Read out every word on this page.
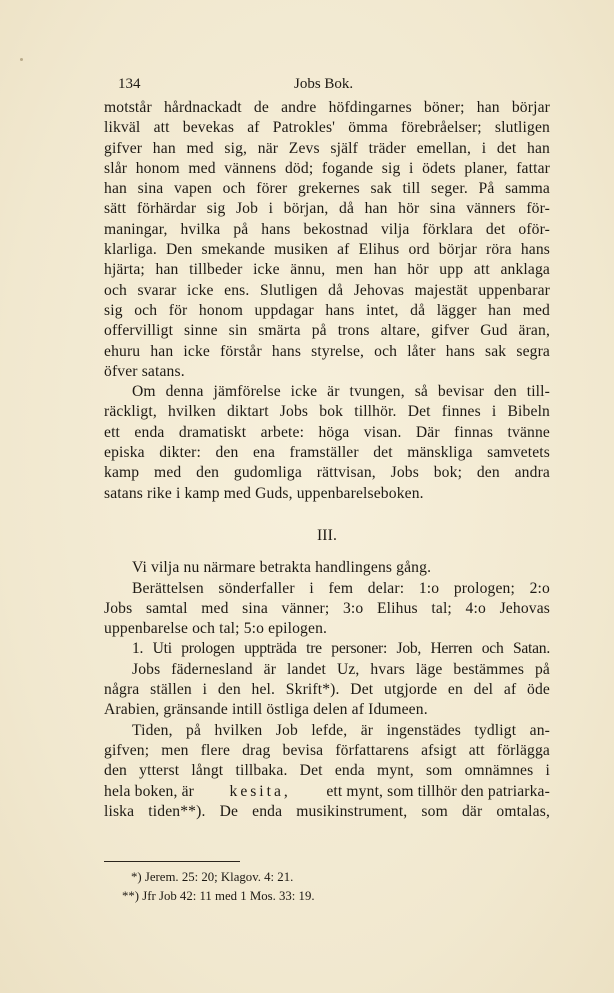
134	Jobs Bok.
motstår hårdnackadt de andre höfdingarnes böner; han börjar
likväl att bevekas af Patrokles' ömma förebråelser; slutligen
gifver han med sig, när Zevs själf träder emellan, i det han
slår honom med vännens död; fogande sig i ödets planer, fattar
han sina vapen och förer grekernes sak till seger. På samma
sätt förhärdar sig Job i början, då han hör sina vänners för-
maningar, hvilka på hans bekostnad vilja förklara det oför-
klarliga. Den smekande musiken af Elihus ord börjar röra hans
hjärta; han tillbeder icke ännu, men han hör upp att anklaga
och svarar icke ens. Slutligen då Jehovas majestät uppenbarar
sig och för honom uppdagar hans intet, då lägger han med
offervilligt sinne sin smärta på trons altare, gifver Gud äran,
ehuru han icke förstår hans styrelse, och låter hans sak segra
öfver satans.
Om denna jämförelse icke är tvungen, så bevisar den till-
räckligt, hvilken diktart Jobs bok tillhör. Det finnes i Bibeln
ett enda dramatiskt arbete: höga visan. Där finnas tvänne
episka dikter: den ena framställer det mänskliga samvetets
kamp med den gudomliga rättvisan, Jobs bok; den andra
satans rike i kamp med Guds, uppenbarelseboken.
III.
Vi vilja nu närmare betrakta handlingens gång.
Berättelsen sönderfaller i fem delar: 1:o prologen; 2:o
Jobs samtal med sina vänner; 3:o Elihus tal; 4:o Jehovas
uppenbarelse och tal; 5:o epilogen.
1. Uti prologen uppträda tre personer: Job, Herren och Satan.
Jobs fädernesland är landet Uz, hvars läge bestämmes på
några ställen i den hel. Skrift*). Det utgjorde en del af öde
Arabien, gränsande intill östliga delen af Idumeen.
Tiden, på hvilken Job lefde, är ingenstädes tydligt an-
gifven; men flere drag bevisa författarens afsigt att förlägga
den ytterst långt tillbaka. Det enda mynt, som omnämnes i
hela boken, är kesita, ett mynt, som tillhör den patriarka-
liska tiden**). De enda musikinstrument, som där omtalas,
*) Jerem. 25: 20; Klagov. 4: 21.
**) Jfr Job 42: 11 med 1 Mos. 33: 19.
